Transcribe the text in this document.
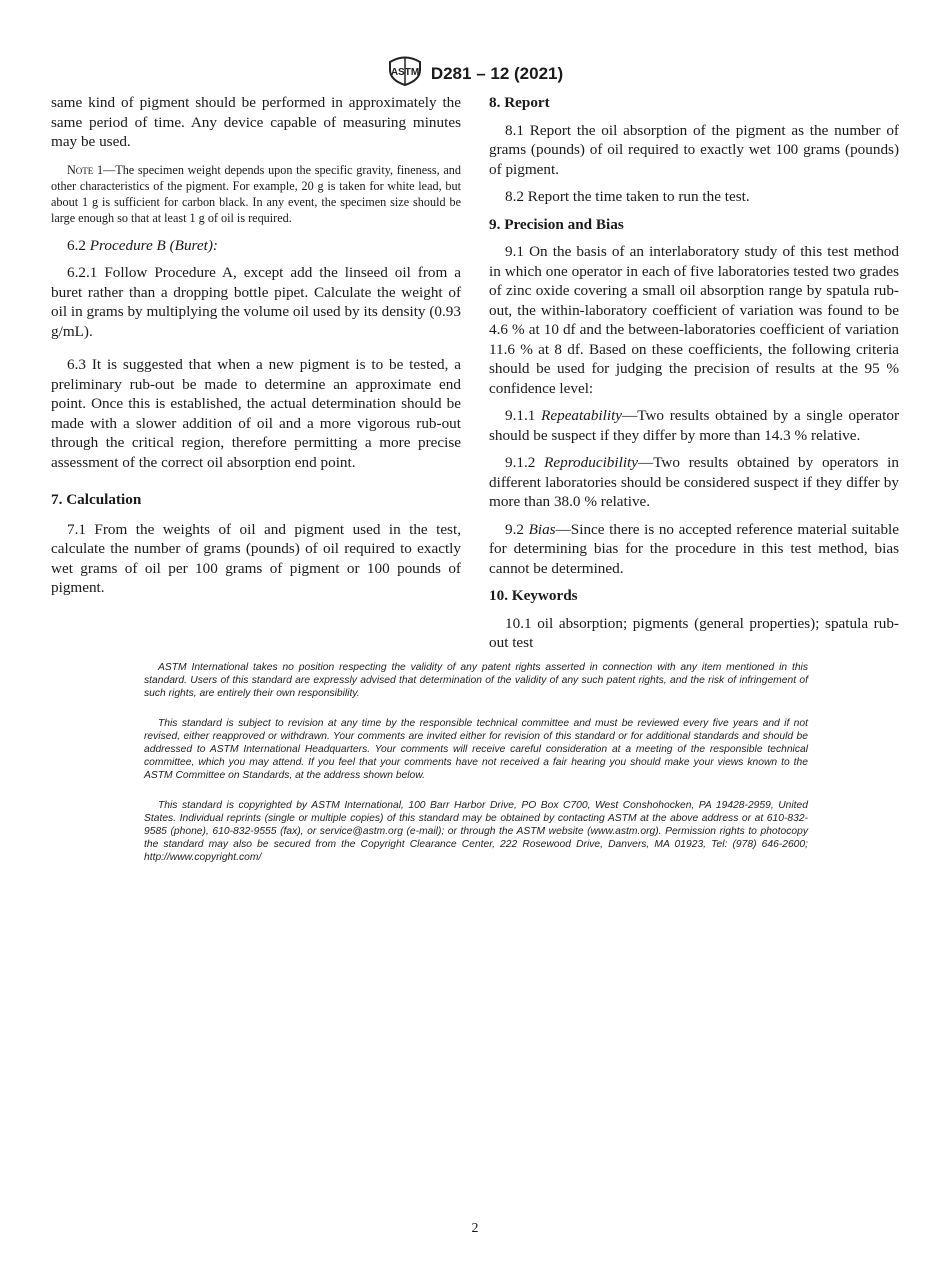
ASTM D281 – 12 (2021)

same kind of pigment should be performed in approximately the same period of time. Any device capable of measuring minutes may be used.

Note 1—The specimen weight depends upon the specific gravity, fineness, and other characteristics of the pigment. For example, 20 g is taken for white lead, but about 1 g is sufficient for carbon black. In any event, the specimen size should be large enough so that at least 1 g of oil is required.

6.2 Procedure B (Buret):

6.2.1 Follow Procedure A, except add the linseed oil from a buret rather than a dropping bottle pipet. Calculate the weight of oil in grams by multiplying the volume oil used by its density (0.93 g/mL).

6.3 It is suggested that when a new pigment is to be tested, a preliminary rub-out be made to determine an approximate end point. Once this is established, the actual determination should be made with a slower addition of oil and a more vigorous rub-out through the critical region, therefore permitting a more precise assessment of the correct oil absorption end point.

7. Calculation

7.1 From the weights of oil and pigment used in the test, calculate the number of grams (pounds) of oil required to exactly wet grams of oil per 100 grams of pigment or 100 pounds of pigment.

8. Report

8.1 Report the oil absorption of the pigment as the number of grams (pounds) of oil required to exactly wet 100 grams (pounds) of pigment.

8.2 Report the time taken to run the test.

9. Precision and Bias

9.1 On the basis of an interlaboratory study of this test method in which one operator in each of five laboratories tested two grades of zinc oxide covering a small oil absorption range by spatula rub-out, the within-laboratory coefficient of variation was found to be 4.6 % at 10 df and the between-laboratories coefficient of variation 11.6 % at 8 df. Based on these coefficients, the following criteria should be used for judging the precision of results at the 95 % confidence level:

9.1.1 Repeatability—Two results obtained by a single operator should be suspect if they differ by more than 14.3 % relative.

9.1.2 Reproducibility—Two results obtained by operators in different laboratories should be considered suspect if they differ by more than 38.0 % relative.

9.2 Bias—Since there is no accepted reference material suitable for determining bias for the procedure in this test method, bias cannot be determined.

10. Keywords

10.1 oil absorption; pigments (general properties); spatula rub-out test

ASTM International takes no position respecting the validity of any patent rights asserted in connection with any item mentioned in this standard. Users of this standard are expressly advised that determination of the validity of any such patent rights, and the risk of infringement of such rights, are entirely their own responsibility.

This standard is subject to revision at any time by the responsible technical committee and must be reviewed every five years and if not revised, either reapproved or withdrawn. Your comments are invited either for revision of this standard or for additional standards and should be addressed to ASTM International Headquarters. Your comments will receive careful consideration at a meeting of the responsible technical committee, which you may attend. If you feel that your comments have not received a fair hearing you should make your views known to the ASTM Committee on Standards, at the address shown below.

This standard is copyrighted by ASTM International, 100 Barr Harbor Drive, PO Box C700, West Conshohocken, PA 19428-2959, United States. Individual reprints (single or multiple copies) of this standard may be obtained by contacting ASTM at the above address or at 610-832-9585 (phone), 610-832-9555 (fax), or service@astm.org (e-mail); or through the ASTM website (www.astm.org). Permission rights to photocopy the standard may also be secured from the Copyright Clearance Center, 222 Rosewood Drive, Danvers, MA 01923, Tel: (978) 646-2600; http://www.copyright.com/

2
